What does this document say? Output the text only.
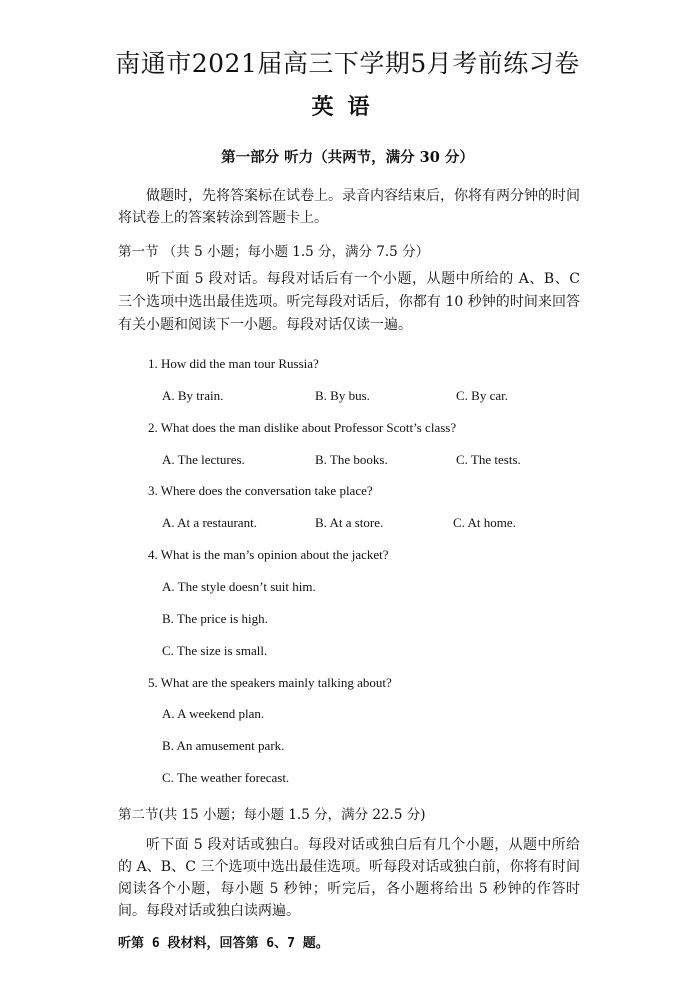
南通市2021届高三下学期5月考前练习卷
英语
第一部分 听力（共两节，满分 30 分）
做题时，先将答案标在试卷上。录音内容结束后，你将有两分钟的时间将试卷上的答案转涂到答题卡上。
第一节 （共 5 小题；每小题 1.5 分，满分 7.5 分）
听下面 5 段对话。每段对话后有一个小题，从题中所给的 A、B、C 三个选项中选出最佳选项。听完每段对话后，你都有 10 秒钟的时间来回答有关小题和阅读下一小题。每段对话仅读一遍。
1. How did the man tour Russia?
A. By train.	B. By bus.	C. By car.
2. What does the man dislike about Professor Scott’s class?
A. The lectures.	B. The books.	C. The tests.
3. Where does the conversation take place?
A. At a restaurant.	B. At a store.	C. At home.
4. What is the man’s opinion about the jacket?
A. The style doesn’t suit him.
B. The price is high.
C. The size is small.
5. What are the speakers mainly talking about?
A. A weekend plan.
B. An amusement park.
C. The weather forecast.
第二节(共 15 小题；每小题 1.5 分，满分 22.5 分)
听下面 5 段对话或独白。每段对话或独白后有几个小题，从题中所给的 A、B、C 三个选项中选出最佳选项。听每段对话或独白前，你将有时间阅读各个小题，每小题 5 秒钟；听完后，各小题将给出 5 秒钟的作答时间。每段对话或独白读两遍。
听第 6 段材料，回答第 6、7 题。
